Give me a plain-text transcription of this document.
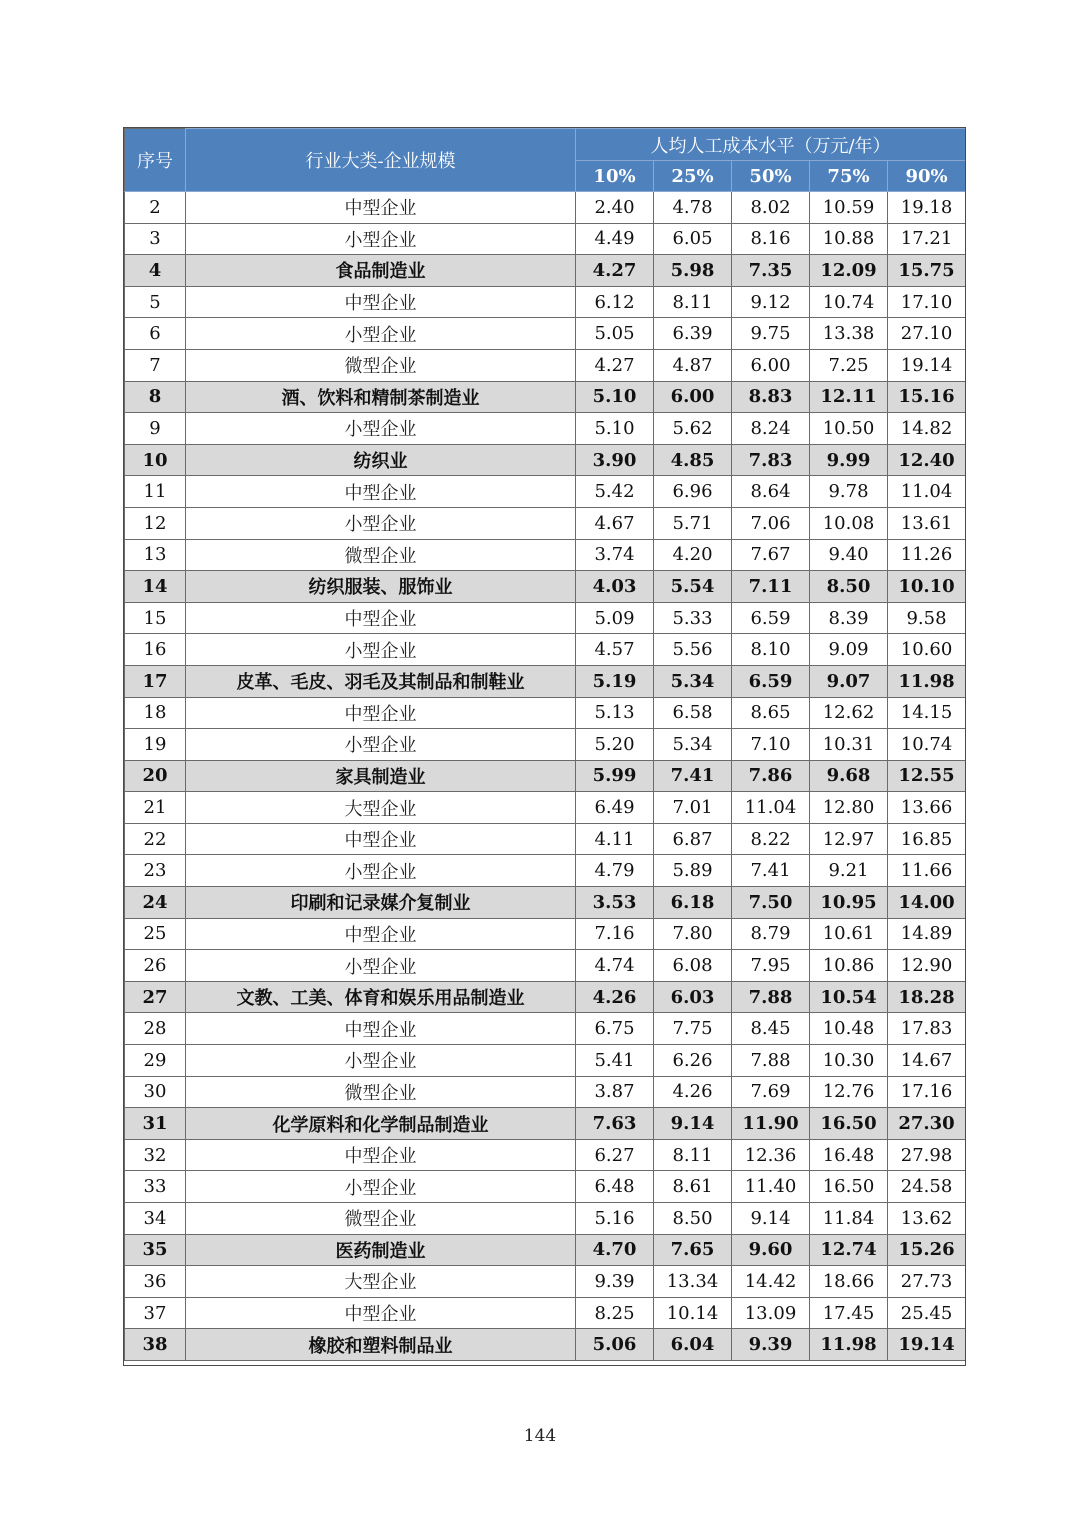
序号	行业大类-企业规模	人均人工成本水平（万元/年）				
		10%	25%	50%	75%	90%
2	中型企业	2.40	4.78	8.02	10.59	19.18
3	小型企业	4.49	6.05	8.16	10.88	17.21
4	食品制造业	4.27	5.98	7.35	12.09	15.75
5	中型企业	6.12	8.11	9.12	10.74	17.10
6	小型企业	5.05	6.39	9.75	13.38	27.10
7	微型企业	4.27	4.87	6.00	7.25	19.14
8	酒、饮料和精制茶制造业	5.10	6.00	8.83	12.11	15.16
9	小型企业	5.10	5.62	8.24	10.50	14.82
10	纺织业	3.90	4.85	7.83	9.99	12.40
11	中型企业	5.42	6.96	8.64	9.78	11.04
12	小型企业	4.67	5.71	7.06	10.08	13.61
13	微型企业	3.74	4.20	7.67	9.40	11.26
14	纺织服装、服饰业	4.03	5.54	7.11	8.50	10.10
15	中型企业	5.09	5.33	6.59	8.39	9.58
16	小型企业	4.57	5.56	8.10	9.09	10.60
17	皮革、毛皮、羽毛及其制品和制鞋业	5.19	5.34	6.59	9.07	11.98
18	中型企业	5.13	6.58	8.65	12.62	14.15
19	小型企业	5.20	5.34	7.10	10.31	10.74
20	家具制造业	5.99	7.41	7.86	9.68	12.55
21	大型企业	6.49	7.01	11.04	12.80	13.66
22	中型企业	4.11	6.87	8.22	12.97	16.85
23	小型企业	4.79	5.89	7.41	9.21	11.66
24	印刷和记录媒介复制业	3.53	6.18	7.50	10.95	14.00
25	中型企业	7.16	7.80	8.79	10.61	14.89
26	小型企业	4.74	6.08	7.95	10.86	12.90
27	文教、工美、体育和娱乐用品制造业	4.26	6.03	7.88	10.54	18.28
28	中型企业	6.75	7.75	8.45	10.48	17.83
29	小型企业	5.41	6.26	7.88	10.30	14.67
30	微型企业	3.87	4.26	7.69	12.76	17.16
31	化学原料和化学制品制造业	7.63	9.14	11.90	16.50	27.30
32	中型企业	6.27	8.11	12.36	16.48	27.98
33	小型企业	6.48	8.61	11.40	16.50	24.58
34	微型企业	5.16	8.50	9.14	11.84	13.62
35	医药制造业	4.70	7.65	9.60	12.74	15.26
36	大型企业	9.39	13.34	14.42	18.66	27.73
37	中型企业	8.25	10.14	13.09	17.45	25.45
38	橡胶和塑料制品业	5.06	6.04	9.39	11.98	19.14
144
